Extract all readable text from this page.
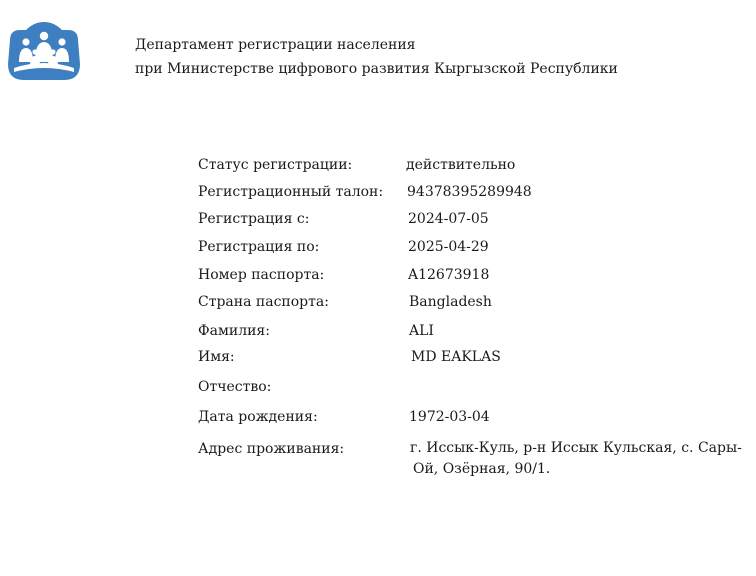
Департамент регистрации населения
при Министерстве цифрового развития Кыргызской Республики
Статус регистрации:
Регистрационный талон:
Регистрация с:
Регистрация по:
Номер паспорта:
Страна паспорта:
Фамилия:
Имя:
Отчество:
Дата рождения:
Адрес проживания:
действительно
94378395289948
2024-07-05
2025-04-29
A12673918
Bangladesh
ALI
MD EAKLAS
1972-03-04
г. Иссык-Куль, р-н Иссык Кульская, с. Сары-
Ой, Озёрная, 90/1.
